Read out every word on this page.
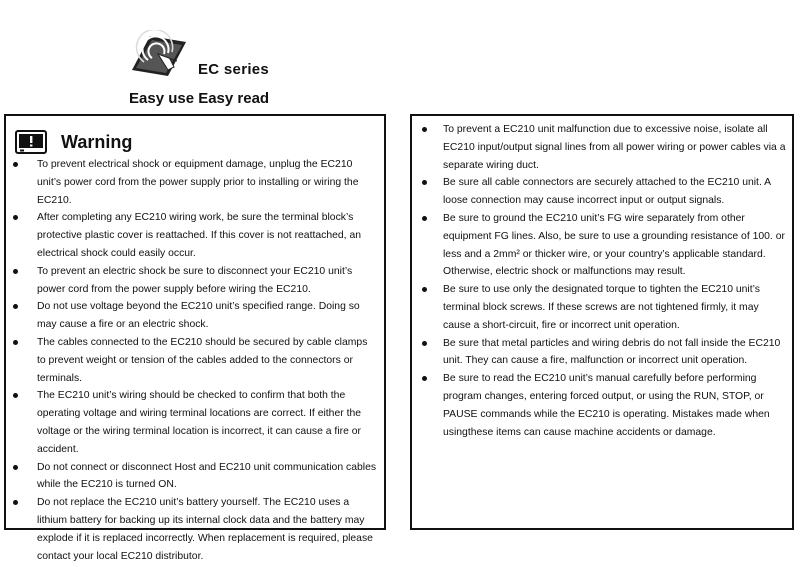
EC series
Easy use Easy read
Warning
To prevent electrical shock or equipment damage, unplug the EC210 unit’s power cord from the power supply prior to installing or wiring the EC210.
After completing any EC210 wiring work, be sure the terminal block’s protective plastic cover is reattached. If this cover is not reattached, an electrical shock could easily occur.
To prevent an electric shock be sure to disconnect your EC210 unit’s power cord from the power supply before wiring the EC210.
Do not use voltage beyond the EC210 unit’s specified range. Doing so may cause a fire or an electric shock.
The cables connected to the EC210 should be secured by cable clamps to prevent weight or tension of the cables added to the connectors or terminals.
The EC210 unit’s wiring should be checked to confirm that both the operating voltage and wiring terminal locations are correct. If either the voltage or the wiring terminal location is incorrect, it can cause a fire or accident.
Do not connect or disconnect Host and EC210 unit communication cables while the EC210 is turned ON.
Do not replace the EC210 unit’s battery yourself. The EC210 uses a lithium battery for backing up its internal clock data and the battery may explode if it is replaced incorrectly. When replacement is required, please contact your local EC210 distributor.
To prevent a EC210 unit malfunction due to excessive noise, isolate all EC210 input/output signal lines from all power wiring or power cables via a separate wiring duct.
Be sure all cable connectors are securely attached to the EC210 unit. A loose connection may cause incorrect input or output signals.
Be sure to ground the EC210 unit’s FG wire separately from other equipment FG lines. Also, be sure to use a grounding resistance of 100. or less and a 2mm² or thicker wire, or your country’s applicable standard. Otherwise, electric shock or malfunctions may result.
Be sure to use only the designated torque to tighten the EC210 unit’s terminal block screws. If these screws are not tightened firmly, it may cause a short-circuit, fire or incorrect unit operation.
Be sure that metal particles and wiring debris do not fall inside the EC210 unit. They can cause a fire, malfunction or incorrect unit operation.
Be sure to read the EC210 unit’s manual carefully before performing program changes, entering forced output, or using the RUN, STOP, or PAUSE commands while the EC210 is operating. Mistakes made when usingthese items can cause machine accidents or damage.
